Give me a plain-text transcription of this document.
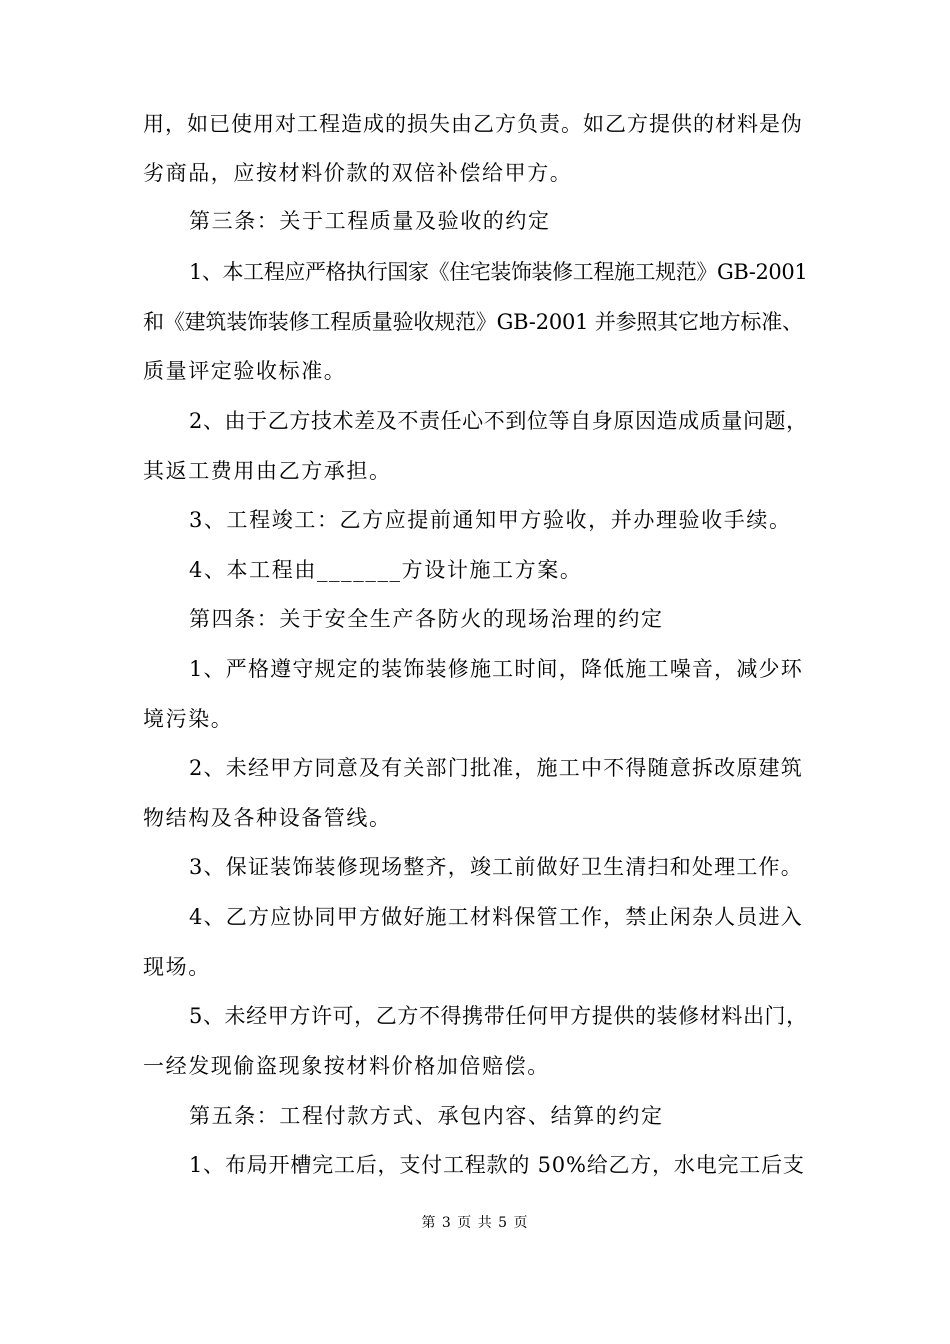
用，如已使用对工程造成的损失由乙方负责。如乙方提供的材料是伪
劣商品，应按材料价款的双倍补偿给甲方。
第三条：关于工程质量及验收的约定
1、本工程应严格执行国家《住宅装饰装修工程施工规范》GB-2001
和《建筑装饰装修工程质量验收规范》GB-2001 并参照其它地方标准、
质量评定验收标准。
2、由于乙方技术差及不责任心不到位等自身原因造成质量问题，
其返工费用由乙方承担。
3、工程竣工：乙方应提前通知甲方验收，并办理验收手续。
4、本工程由_______方设计施工方案。
第四条：关于安全生产各防火的现场治理的约定
1、严格遵守规定的装饰装修施工时间，降低施工噪音，减少环
境污染。
2、未经甲方同意及有关部门批准，施工中不得随意拆改原建筑
物结构及各种设备管线。
3、保证装饰装修现场整齐，竣工前做好卫生清扫和处理工作。
4、乙方应协同甲方做好施工材料保管工作，禁止闲杂人员进入
现场。
5、未经甲方许可，乙方不得携带任何甲方提供的装修材料出门，
一经发现偷盗现象按材料价格加倍赔偿。
第五条：工程付款方式、承包内容、结算的约定
1、布局开槽完工后，支付工程款的 50%给乙方，水电完工后支
第 3 页 共 5 页
